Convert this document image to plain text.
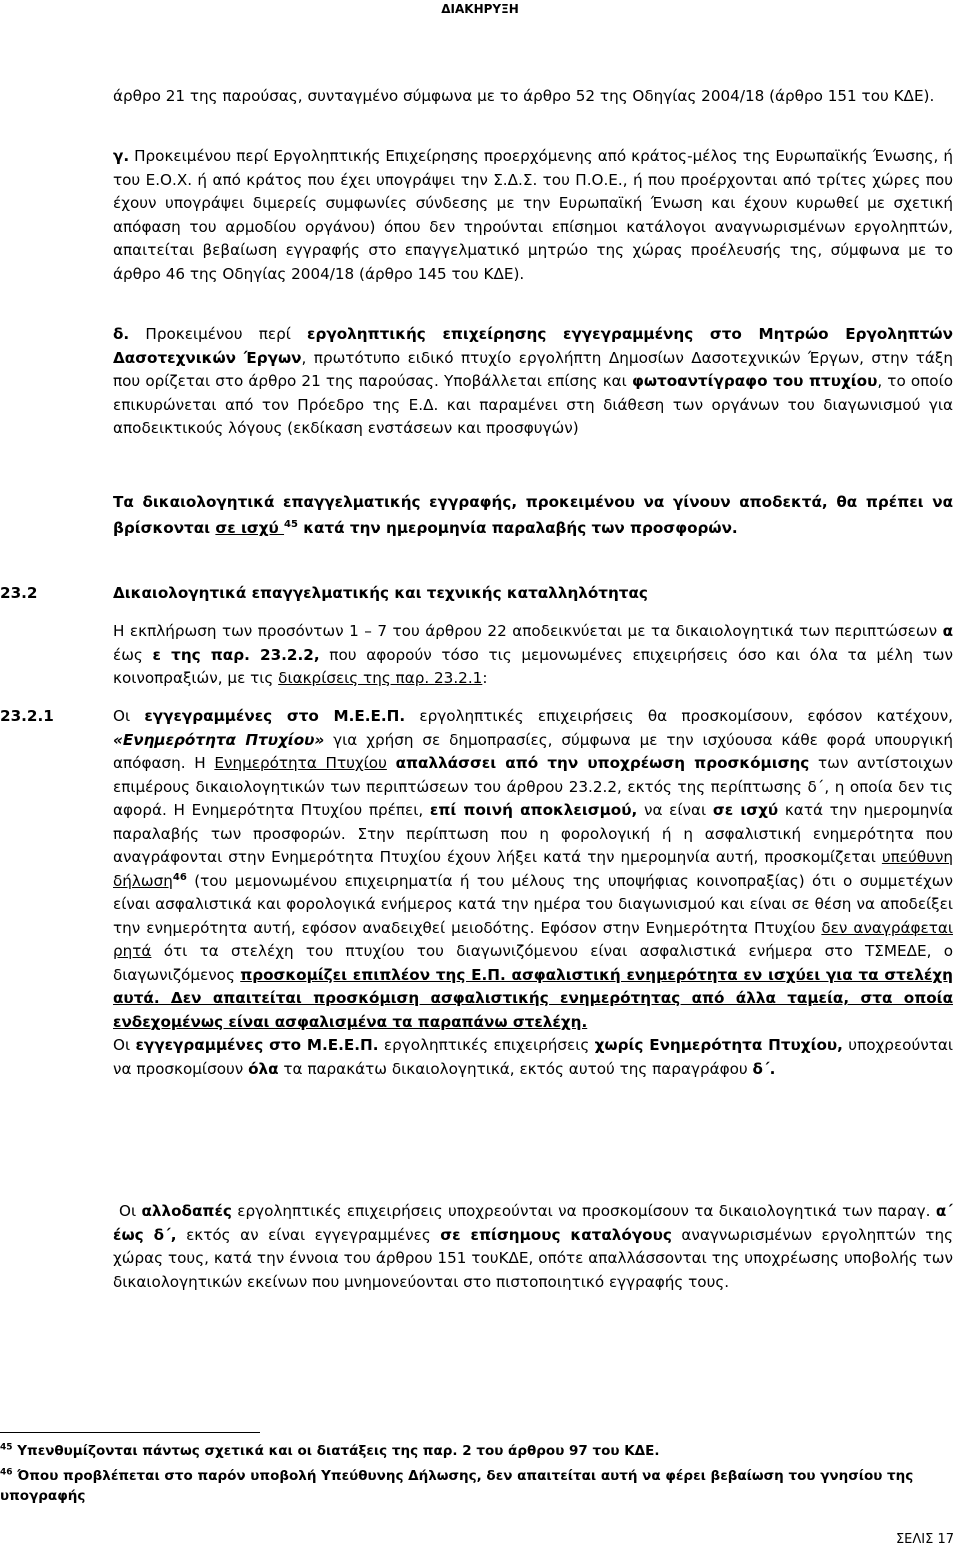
ΔΙΑΚΗΡΥΞΗ

άρθρο 21 της παρούσας, συνταγμένο σύμφωνα με το άρθρο 52 της Οδηγίας 2004/18 (άρθρο 151 του ΚΔΕ).

γ. Προκειμένου περί Εργοληπτικής Επιχείρησης προερχόμενης από κράτος-μέλος της Ευρωπαϊκής Ένωσης, ή του Ε.Ο.Χ. ή από κράτος που έχει υπογράψει την Σ.Δ.Σ. του Π.Ο.Ε., ή που προέρχονται από τρίτες χώρες που έχουν υπογράψει διμερείς συμφωνίες σύνδεσης με την Ευρωπαϊκή Ένωση και έχουν κυρωθεί με σχετική απόφαση του αρμοδίου οργάνου) όπου δεν τηρούνται επίσημοι κατάλογοι αναγνωρισμένων εργοληπτών, απαιτείται βεβαίωση εγγραφής στο επαγγελματικό μητρώο της χώρας προέλευσής της, σύμφωνα με το άρθρο 46 της Οδηγίας 2004/18 (άρθρο 145 του ΚΔΕ).

δ. Προκειμένου περί εργοληπτικής επιχείρησης εγγεγραμμένης στο Μητρώο Εργοληπτών Δασοτεχνικών Έργων, πρωτότυπο ειδικό πτυχίο εργολήπτη Δημοσίων Δασοτεχνικών Έργων, στην τάξη που ορίζεται στο άρθρο 21 της παρούσας. Υποβάλλεται επίσης και φωτοαντίγραφο του πτυχίου, το οποίο επικυρώνεται από τον Πρόεδρο της Ε.Δ. και παραμένει στη διάθεση των οργάνων του διαγωνισμού για αποδεικτικούς λόγους (εκδίκαση ενστάσεων και προσφυγών)

Τα δικαιολογητικά επαγγελματικής εγγραφής, προκειμένου να γίνουν αποδεκτά, θα πρέπει να βρίσκονται σε ισχύ $^{45}$ κατά την ημερομηνία παραλαβής των προσφορών.

23.2	Δικαιολογητικά επαγγελματικής και τεχνικής καταλληλότητας

Η εκπλήρωση των προσόντων 1 – 7 του άρθρου 22 αποδεικνύεται με τα δικαιολογητικά των περιπτώσεων α έως ε της παρ. 23.2.2, που αφορούν τόσο τις μεμονωμένες επιχειρήσεις όσο και όλα τα μέλη των κοινοπραξιών, με τις διακρίσεις της παρ. 23.2.1:

23.2.1	Οι εγγεγραμμένες στο Μ.Ε.Ε.Π. εργοληπτικές επιχειρήσεις θα προσκομίσουν, εφόσον κατέχουν, «Ενημερότητα Πτυχίου» για χρήση σε δημοπρασίες, σύμφωνα με την ισχύουσα κάθε φορά υπουργική απόφαση. Η Ενημερότητα Πτυχίου απαλλάσσει από την υποχρέωση προσκόμισης των αντίστοιχων επιμέρους δικαιολογητικών των περιπτώσεων του άρθρου 23.2.2, εκτός της περίπτωσης δ΄, η οποία δεν τις αφορά. Η Ενημερότητα Πτυχίου πρέπει, επί ποινή αποκλεισμού, να είναι σε ισχύ κατά την ημερομηνία παραλαβής των προσφορών. Στην περίπτωση που η φορολογική ή η ασφαλιστική ενημερότητα που αναγράφονται στην Ενημερότητα Πτυχίου έχουν λήξει κατά την ημερομηνία αυτή, προσκομίζεται υπεύθυνη δήλωση$^{46}$ (του μεμονωμένου επιχειρηματία ή του μέλους της υποψήφιας κοινοπραξίας) ότι ο συμμετέχων είναι ασφαλιστικά και φορολογικά ενήμερος κατά την ημέρα του διαγωνισμού και είναι σε θέση να αποδείξει την ενημερότητα αυτή, εφόσον αναδειχθεί μειοδότης. Εφόσον στην Ενημερότητα Πτυχίου δεν αναγράφεται ρητά ότι τα στελέχη του πτυχίου του διαγωνιζόμενου είναι ασφαλιστικά ενήμερα στο ΤΣΜΕΔΕ, ο διαγωνιζόμενος προσκομίζει επιπλέον της Ε.Π. ασφαλιστική ενημερότητα εν ισχύει για τα στελέχη αυτά. Δεν απαιτείται προσκόμιση ασφαλιστικής ενημερότητας από άλλα ταμεία, στα οποία ενδεχομένως είναι ασφαλισμένα τα παραπάνω στελέχη.

Οι εγγεγραμμένες στο Μ.Ε.Ε.Π. εργοληπτικές επιχειρήσεις χωρίς Ενημερότητα Πτυχίου, υποχρεούνται να προσκομίσουν όλα τα παρακάτω δικαιολογητικά, εκτός αυτού της παραγράφου δ΄.

Οι αλλοδαπές εργοληπτικές επιχειρήσεις υποχρεούνται να προσκομίσουν τα δικαιολογητικά των παραγ. α΄ έως δ΄, εκτός αν είναι εγγεγραμμένες σε επίσημους καταλόγους αναγνωρισμένων εργοληπτών της χώρας τους, κατά την έννοια του άρθρου 151 τουΚΔΕ, οπότε απαλλάσσονται της υποχρέωσης υποβολής των δικαιολογητικών εκείνων που μνημονεύονται στο πιστοποιητικό εγγραφής τους.

$^{45}$ Υπενθυμίζονται πάντως σχετικά και οι διατάξεις της παρ. 2 του άρθρου 97 του ΚΔΕ.
$^{46}$ Όπου προβλέπεται στο παρόν υποβολή Υπεύθυνης Δήλωσης, δεν απαιτείται αυτή να φέρει βεβαίωση του γνησίου της υπογραφής
ΣΕΛΙΣ 17
